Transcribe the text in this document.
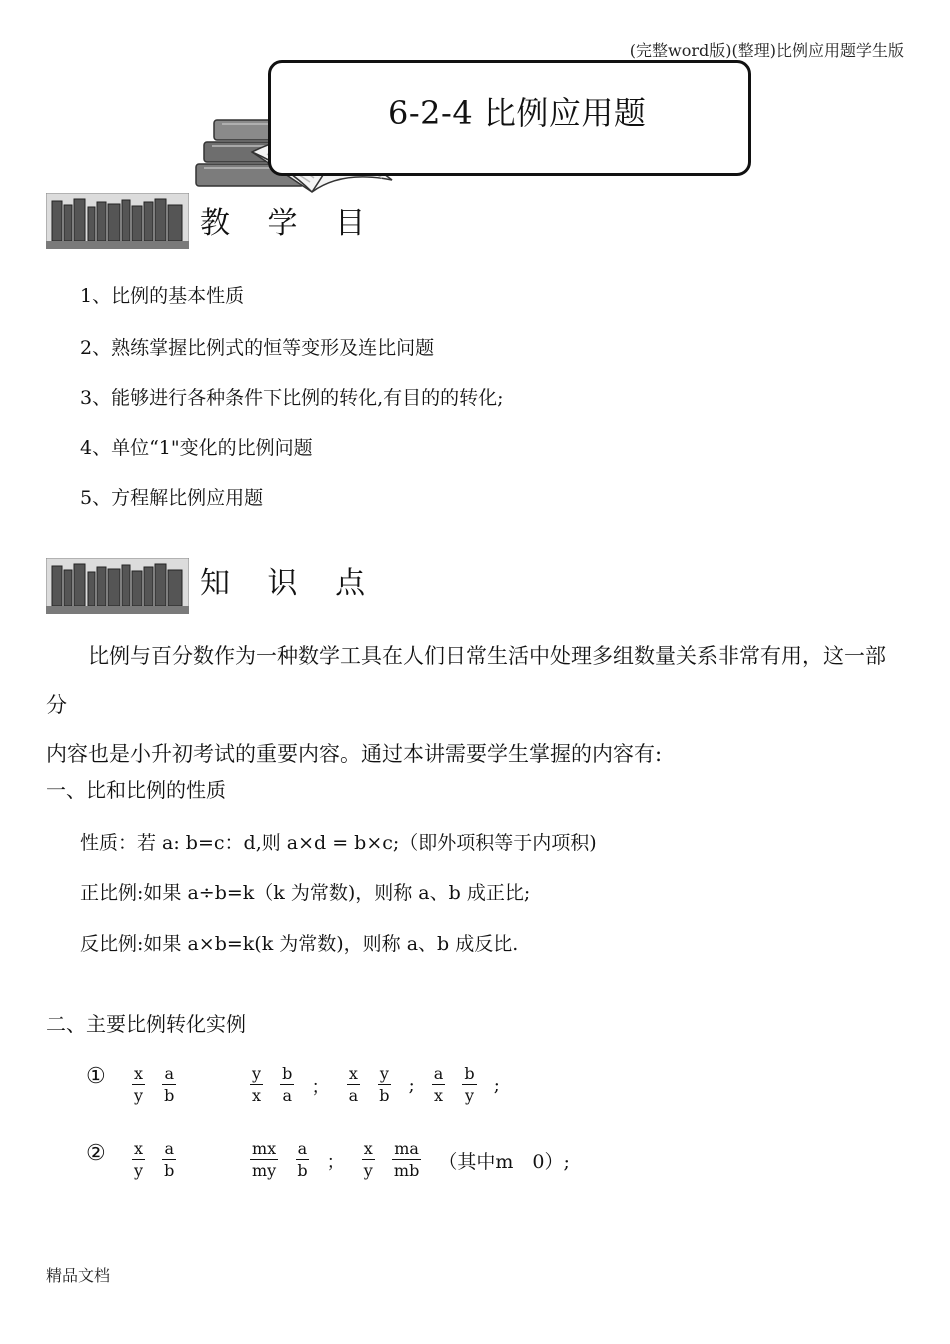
(完整word版)(整理)比例应用题学生版
6-2-4 比例应用题
教 学 目
1、比例的基本性质
2、熟练掌握比例式的恒等变形及连比问题
3、能够进行各种条件下比例的转化,有目的的转化;
4、单位“1"变化的比例问题
5、方程解比例应用题
知 识 点
比例与百分数作为一种数学工具在人们日常生活中处理多组数量关系非常有用，这一部分
内容也是小升初考试的重要内容。通过本讲需要学生掌握的内容有:
一、比和比例的性质
性质：若 a: b=c：d,则 a×d = b×c;（即外项积等于内项积)
正比例:如果 a÷b=k（k 为常数)，则称 a、b 成正比;
反比例:如果 a×b=k(k 为常数)，则称 a、b 成反比.
二、主要比例转化实例
① $\frac{x}{y}$
$\frac{a}{b}$	$\frac{y}{x}$
$\frac{b}{a}$ ； $\frac{x}{a}$
$\frac{y}{b}$ ; $\frac{a}{x}$
$\frac{b}{y}$ ;
② $\frac{x}{y}$
$\frac{a}{b}$	$\frac{mx}{my}$
$\frac{a}{b}$ ； $\frac{x}{y}$
$\frac{ma}{mb}$ （其中m　0）;
精品文档
